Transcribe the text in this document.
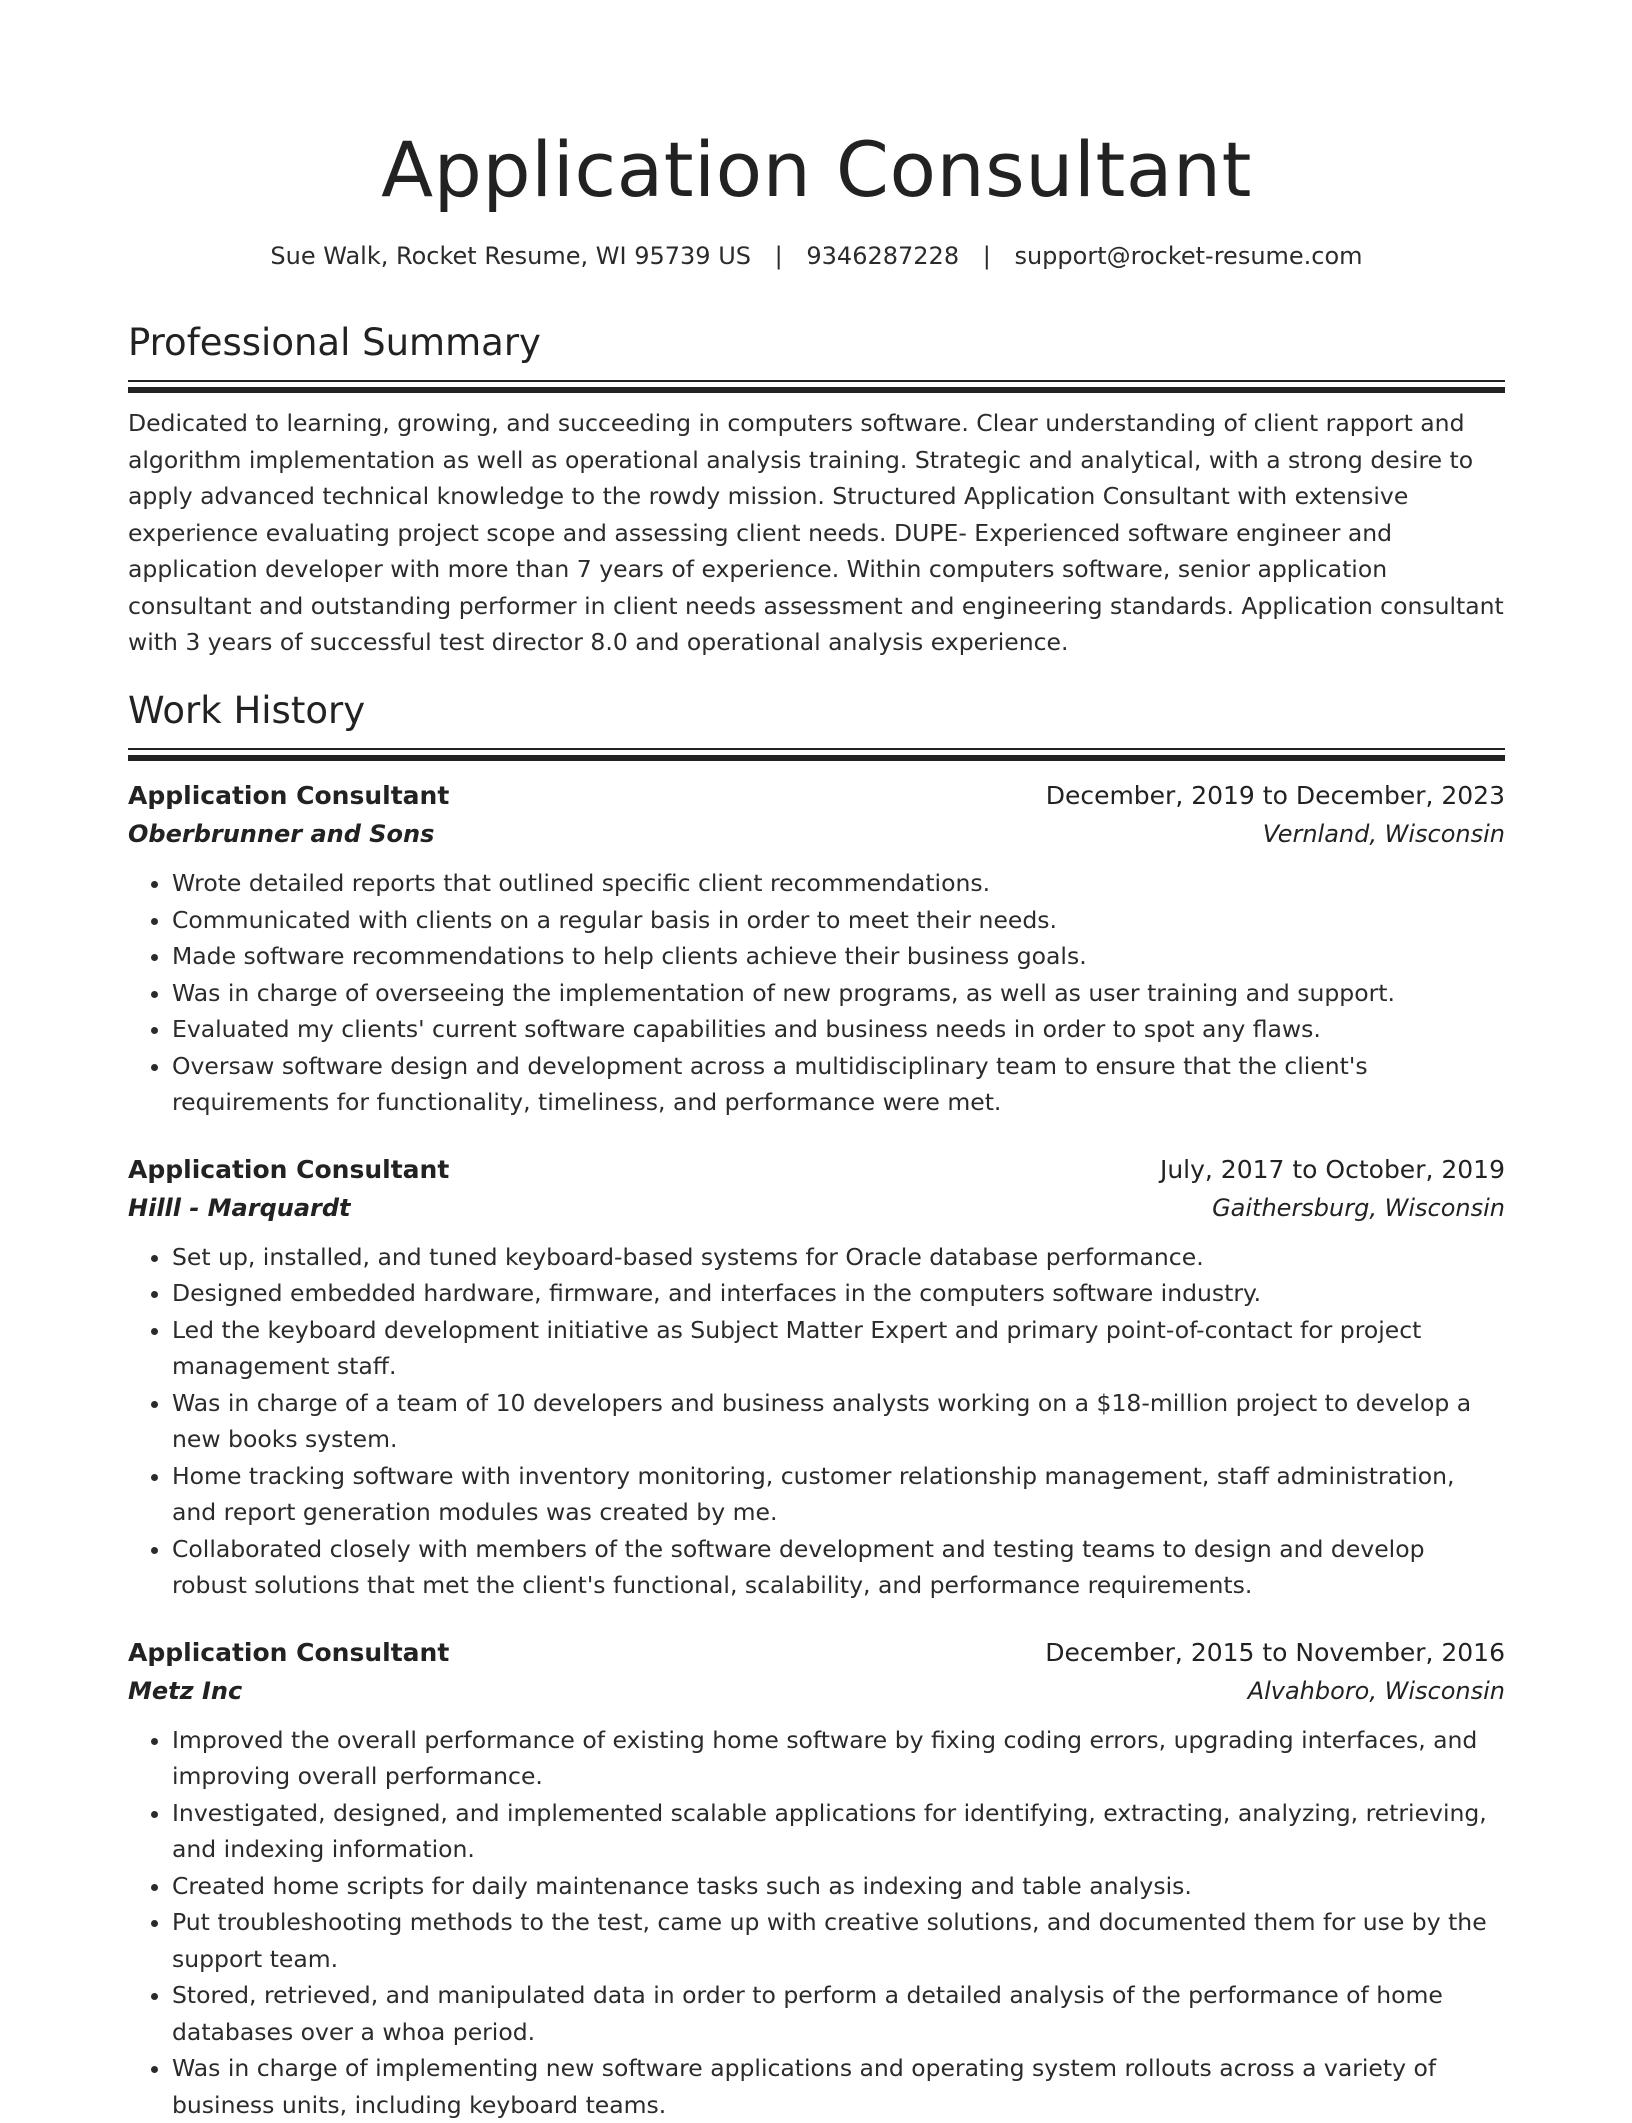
Application Consultant
Sue Walk, Rocket Resume, WI 95739 US | 9346287228 | support@rocket-resume.com
Professional Summary

Dedicated to learning, growing, and succeeding in computers software. Clear understanding of client rapport and algorithm implementation as well as operational analysis training. Strategic and analytical, with a strong desire to apply advanced technical knowledge to the rowdy mission. Structured Application Consultant with extensive experience evaluating project scope and assessing client needs. DUPE- Experienced software engineer and application developer with more than 7 years of experience. Within computers software, senior application consultant and outstanding performer in client needs assessment and engineering standards. Application consultant with 3 years of successful test director 8.0 and operational analysis experience.

Work History
Application Consultant	December, 2019 to December, 2023
Oberbrunner and Sons	Vernland, Wisconsin
• Wrote detailed reports that outlined specific client recommendations.
• Communicated with clients on a regular basis in order to meet their needs.
• Made software recommendations to help clients achieve their business goals.
• Was in charge of overseeing the implementation of new programs, as well as user training and support.
• Evaluated my clients' current software capabilities and business needs in order to spot any flaws.
• Oversaw software design and development across a multidisciplinary team to ensure that the client's requirements for functionality, timeliness, and performance were met.
Application Consultant	July, 2017 to October, 2019
Hilll - Marquardt	Gaithersburg, Wisconsin
• Set up, installed, and tuned keyboard-based systems for Oracle database performance.
• Designed embedded hardware, firmware, and interfaces in the computers software industry.
• Led the keyboard development initiative as Subject Matter Expert and primary point-of-contact for project management staff.
• Was in charge of a team of 10 developers and business analysts working on a $18-million project to develop a new books system.
• Home tracking software with inventory monitoring, customer relationship management, staff administration, and report generation modules was created by me.
• Collaborated closely with members of the software development and testing teams to design and develop robust solutions that met the client's functional, scalability, and performance requirements.
Application Consultant	December, 2015 to November, 2016
Metz Inc	Alvahboro, Wisconsin
• Improved the overall performance of existing home software by fixing coding errors, upgrading interfaces, and improving overall performance.
• Investigated, designed, and implemented scalable applications for identifying, extracting, analyzing, retrieving, and indexing information.
• Created home scripts for daily maintenance tasks such as indexing and table analysis.
• Put troubleshooting methods to the test, came up with creative solutions, and documented them for use by the support team.
• Stored, retrieved, and manipulated data in order to perform a detailed analysis of the performance of home databases over a whoa period.
• Was in charge of implementing new software applications and operating system rollouts across a variety of business units, including keyboard teams.
